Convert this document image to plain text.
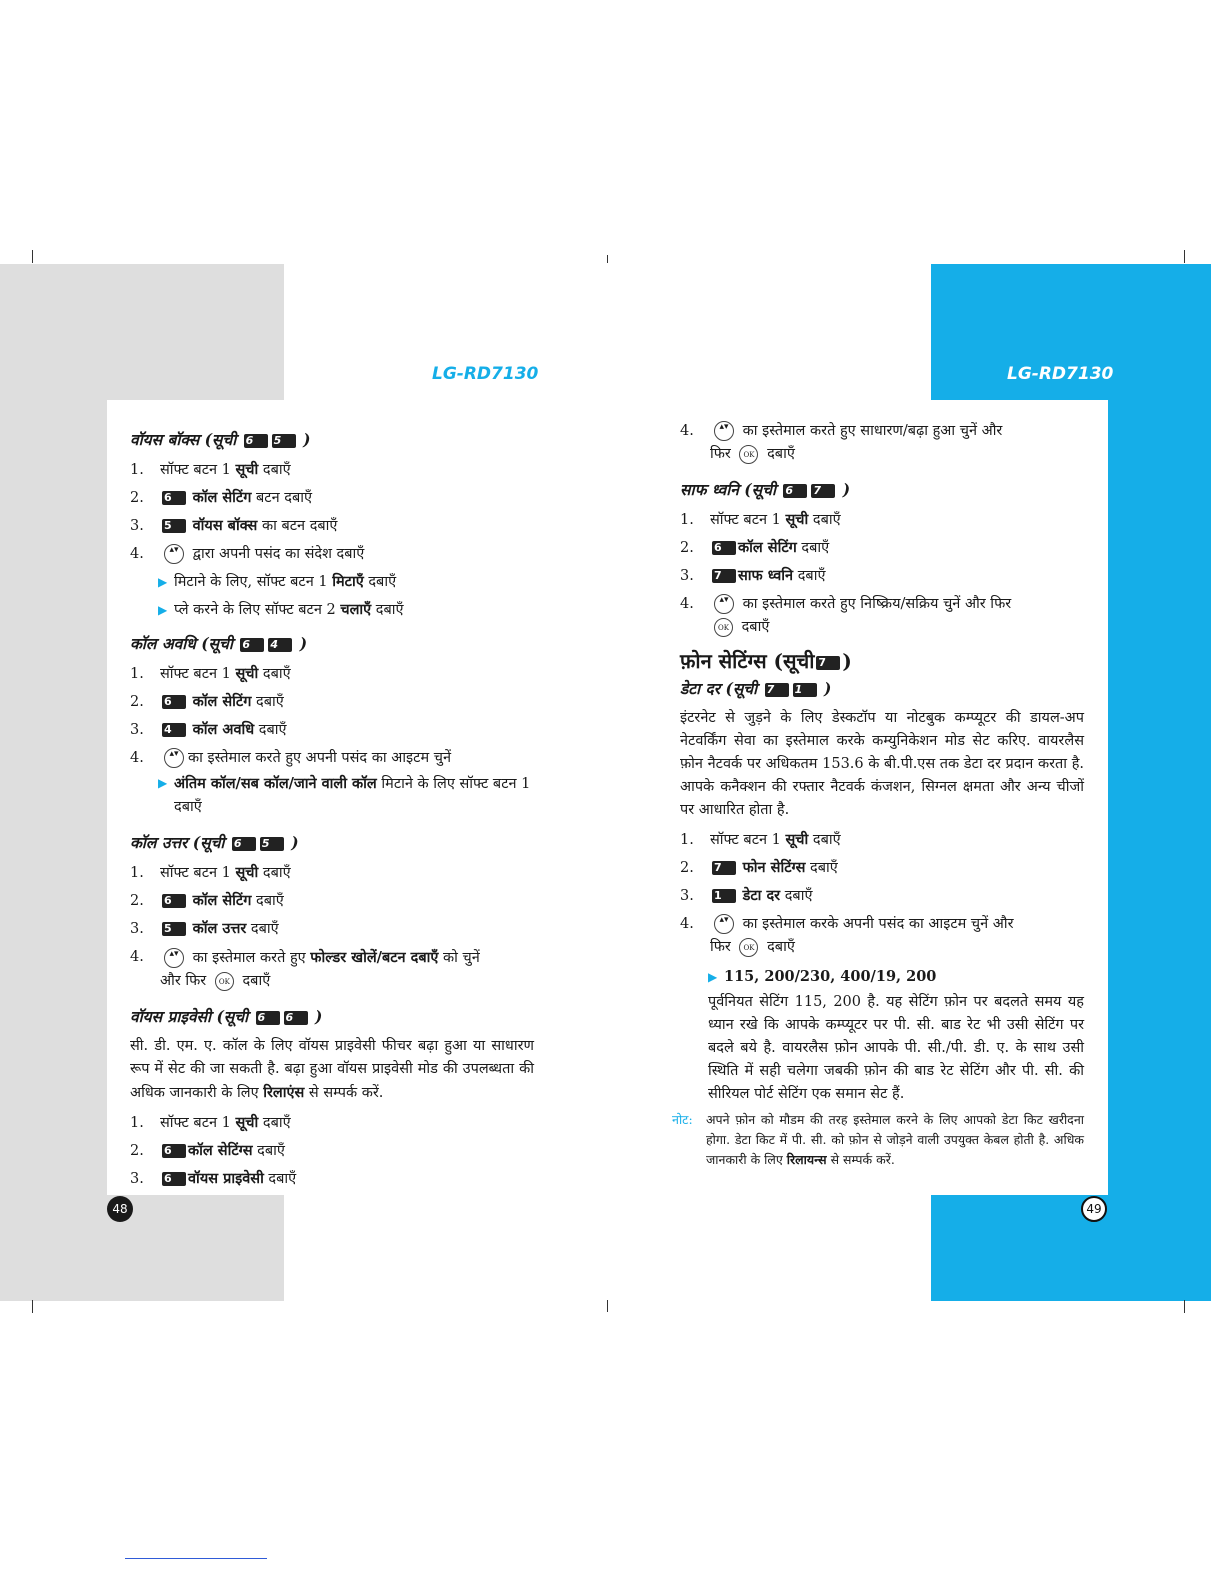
LG-RD7130	LG-RD7130
वॉयस बॉक्स (सूची 6 5 )
1.	सॉफ्ट बटन 1 सूची दबाएँ
2.	6 कॉल सेटिंग बटन दबाएँ
3.	5 वॉयस बॉक्स का बटन दबाएँ
4.	▴▾ द्वारा अपनी पसंद का संदेश दबाएँ
▶ मिटाने के लिए, सॉफ्ट बटन 1 मिटाएँ दबाएँ
▶ प्ले करने के लिए सॉफ्ट बटन 2 चलाएँ दबाएँ
कॉल अवधि (सूची 6 4 )
1.	सॉफ्ट बटन 1 सूची दबाएँ
2.	6 कॉल सेटिंग दबाएँ
3.	4 कॉल अवधि दबाएँ
4.	▴▾ का इस्तेमाल करते हुए अपनी पसंद का आइटम चुनें
▶ अंतिम कॉल/सब कॉल/जाने वाली कॉल मिटाने के लिए सॉफ्ट बटन 1 दबाएँ
कॉल उत्तर (सूची 6 5 )
1.	सॉफ्ट बटन 1 सूची दबाएँ
2.	6 कॉल सेटिंग दबाएँ
3.	5 कॉल उत्तर दबाएँ
4.	▴▾ का इस्तेमाल करते हुए फोल्डर खोलें/बटन दबाएँ को चुनें
और फिर OK दबाएँ
वॉयस प्राइवेसी (सूची 6 6 )
सी. डी. एम. ए. कॉल के लिए वॉयस प्राइवेसी फीचर बढ़ा हुआ या साधारण रूप में सेट की जा सकती है. बढ़ा हुआ वॉयस प्राइवेसी मोड की उपलब्धता की अधिक जानकारी के लिए रिलाएंस से सम्पर्क करें.
1.	सॉफ्ट बटन 1 सूची दबाएँ
2.	6 कॉल सेटिंग्स दबाएँ
3.	6 वॉयस प्राइवेसी दबाएँ
4.	▴▾ का इस्तेमाल करते हुए साधारण/बढ़ा हुआ चुनें और
फिर OK दबाएँ
साफ ध्वनि (सूची 6 7 )
1.	सॉफ्ट बटन 1 सूची दबाएँ
2.	6 कॉल सेटिंग दबाएँ
3.	7 साफ ध्वनि दबाएँ
4.	▴▾ का इस्तेमाल करते हुए निष्क्रिय/सक्रिय चुनें और फिर
OK दबाएँ
फ़ोन सेटिंग्स (सूची 7 )
डेटा दर (सूची 7 1 )
इंटरनेट से जुड़ने के लिए डेस्कटॉप या नोटबुक कम्प्यूटर की डायल-अप नेटवर्किंग सेवा का इस्तेमाल करके कम्युनिकेशन मोड सेट करिए. वायरलैस फ़ोन नैटवर्क पर अधिकतम 153.6 के बी.पी.एस तक डेटा दर प्रदान करता है. आपके कनैक्शन की रफ्तार नैटवर्क कंजशन, सिग्नल क्षमता और अन्य चीजों पर आधारित होता है.
1.	सॉफ्ट बटन 1 सूची दबाएँ
2.	7 फोन सेटिंग्स दबाएँ
3.	1 डेटा दर दबाएँ
4.	▴▾ का इस्तेमाल करके अपनी पसंद का आइटम चुनें और
फिर OK दबाएँ
▶ 115, 200/230, 400/19, 200
पूर्वनियत सेटिंग 115, 200 है. यह सेटिंग फ़ोन पर बदलते समय यह ध्यान रखे कि आपके कम्प्यूटर पर पी. सी. बाड रेट भी उसी सेटिंग पर बदले बये है. वायरलैस फ़ोन आपके पी. सी./पी. डी. ए. के साथ उसी स्थिति में सही चलेगा जबकी फ़ोन की बाड रेट सेटिंग और पी. सी. की सीरियल पोर्ट सेटिंग एक समान सेट हैं.
नोट:	अपने फ़ोन को मौडम की तरह इस्तेमाल करने के लिए आपको डेटा किट खरीदना होगा. डेटा किट में पी. सी. को फ़ोन से जोड़ने वाली उपयुक्त केबल होती है. अधिक जानकारी के लिए रिलायन्स से सम्पर्क करें.
48	49
